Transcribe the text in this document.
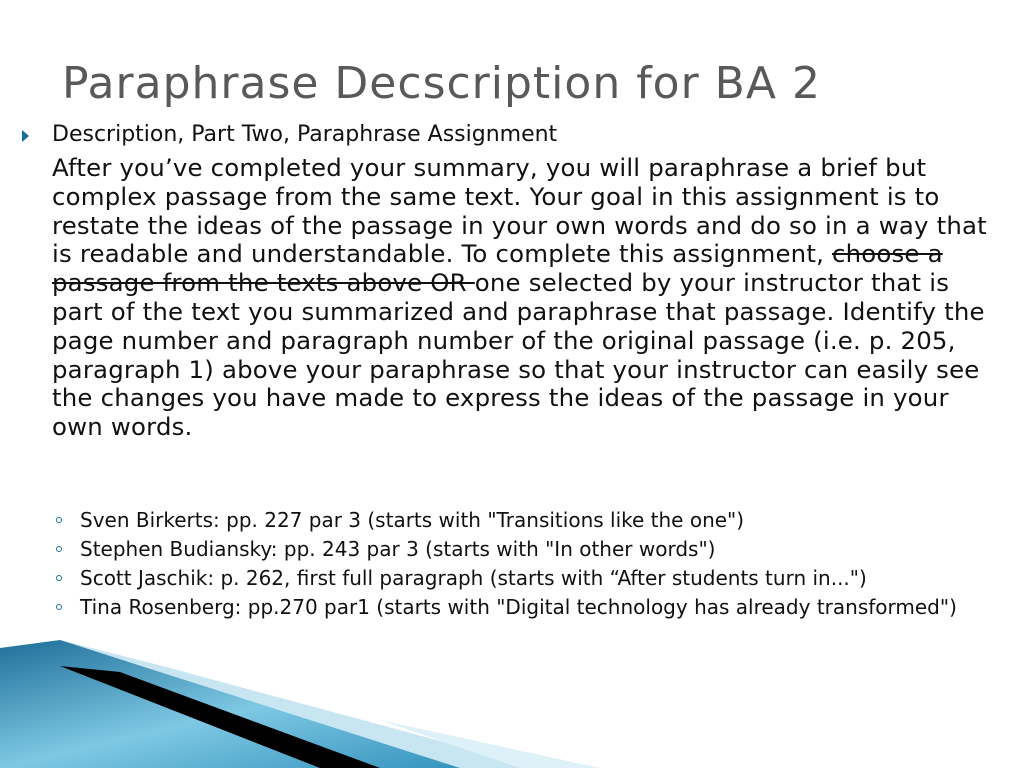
Paraphrase Decscription for BA 2

Description, Part Two, Paraphrase Assignment

After you’ve completed your summary, you will paraphrase a brief but complex passage from the same text. Your goal in this assignment is to restate the ideas of the passage in your own words and do so in a way that is readable and understandable. To complete this assignment, choose a passage from the texts above OR one selected by your instructor that is part of the text you summarized and paraphrase that passage. Identify the page number and paragraph number of the original passage (i.e. p. 205, paragraph 1) above your paraphrase so that your instructor can easily see the changes you have made to express the ideas of the passage in your own words.

Sven Birkerts: pp. 227 par 3 (starts with "Transitions like the one")
Stephen Budiansky: pp. 243 par 3 (starts with "In other words")
Scott Jaschik: p. 262, first full paragraph (starts with “After students turn in...")
Tina Rosenberg: pp.270 par1 (starts with "Digital technology has already transformed")
